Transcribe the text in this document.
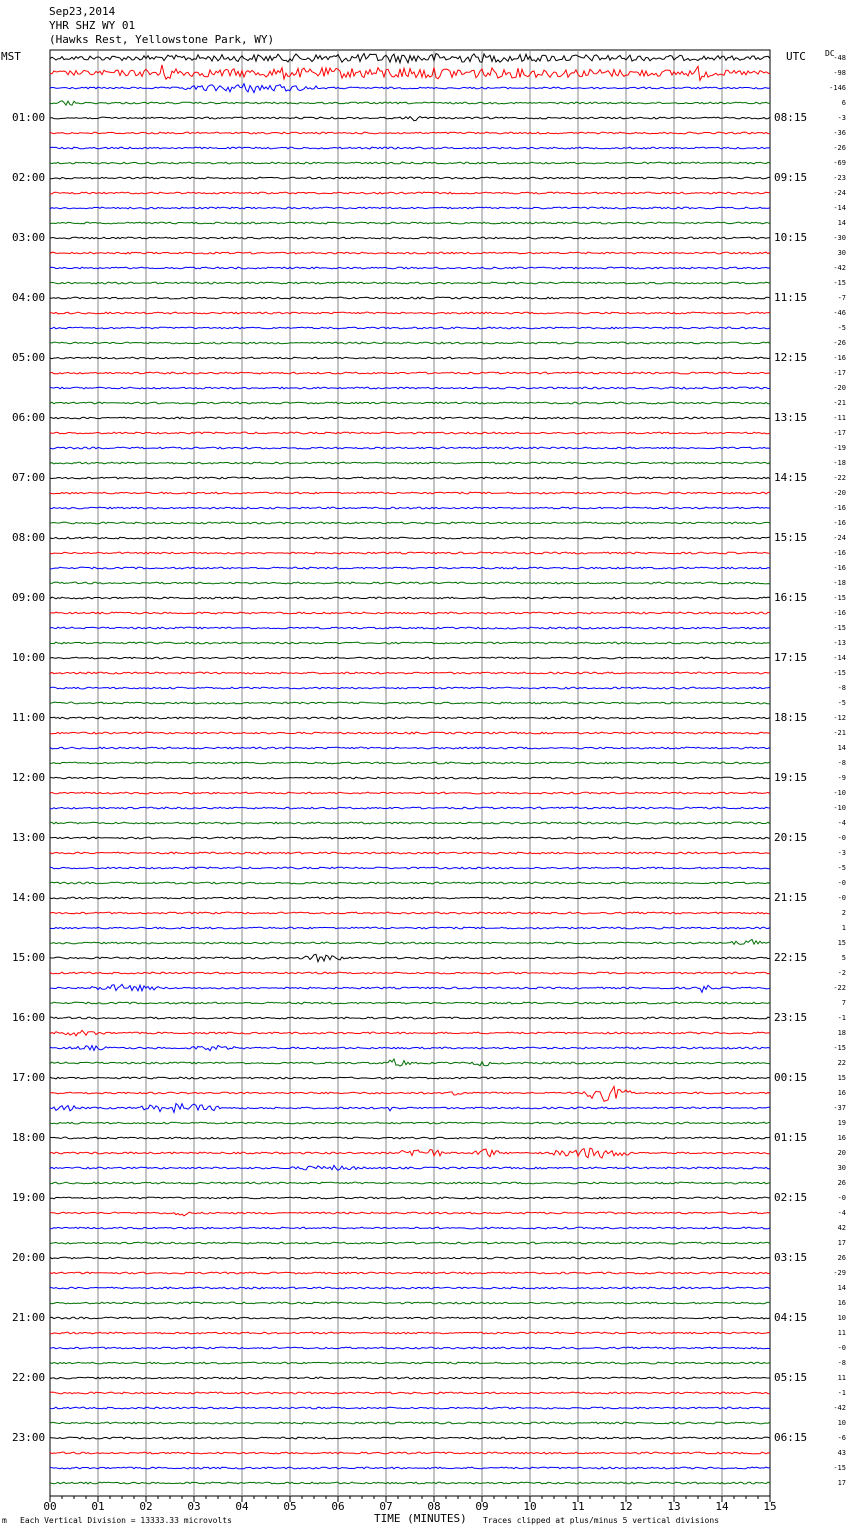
Sep23,2014
YHR SHZ WY 01
(Hawks Rest, Yellowstone Park, WY)
MST	UTC DC
00	01	02	03	04	05	06	07	08	09	10	11	12	13	14	15
-48
-98
-146
6
-3
-36
-26
-69
-23
-24
-14
14
-30
30
-42
-15
-7
-46
-5
-26
-16
-17
-20
-21
-11
-17
-19
-18
-22
-20
-16
-16
-24
-16
-16
-18
-15
-16
-15
-13
-14
-15
-8
-5
-12
-21
14
-8
-9
-10
-10
-4
-0
-3
-5
-0
-0
2
1
15
5
-2
-22
7
-1
18
-15
22
15
16
-37
19
16
20
30
26
-0
-4
42
17
26
-29
14
16
10
11
-0
-8
11
-1
-42
10
-6
43
-15
17
01:00	08:15
02:00	09:15
03:00	10:15
04:00	11:15
05:00	12:15
06:00	13:15
07:00	14:15
08:00	15:15
09:00	16:15
10:00	17:15
11:00	18:15
12:00	19:15
13:00	20:15
14:00	21:15
15:00	22:15
16:00	23:15
17:00	00:15
18:00	01:15
19:00	02:15
20:00	03:15
21:00	04:15
22:00	05:15
23:00	06:15
m Each Vertical Division = 13333.33 microvolts	TIME (MINUTES) Traces clipped at plus/minus 5 vertical divisions
